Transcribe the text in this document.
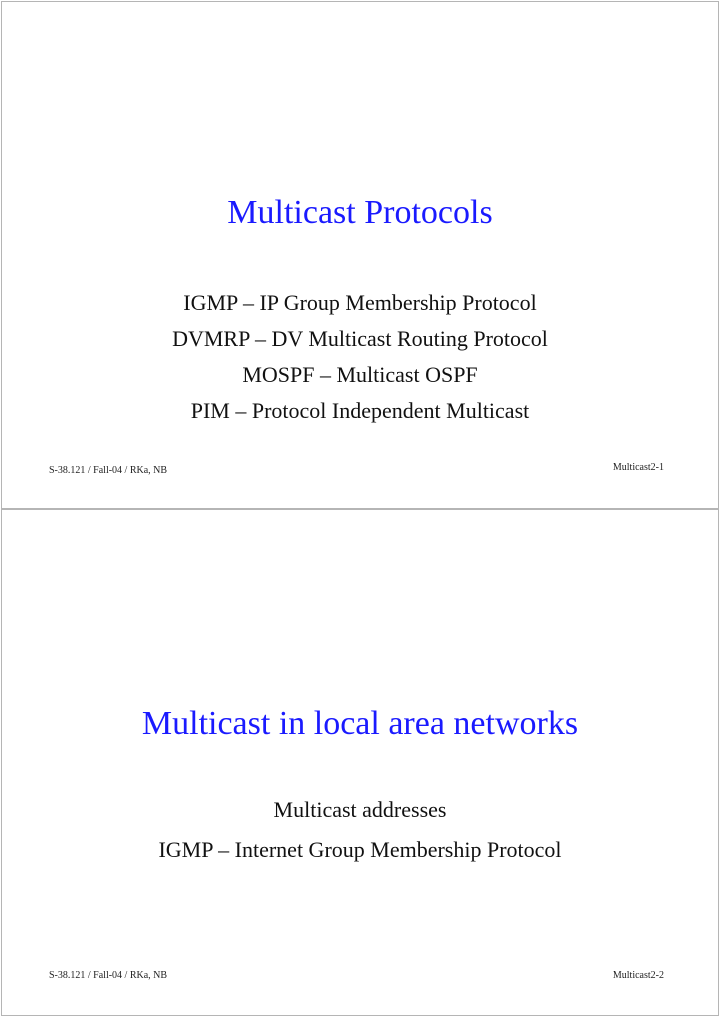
Multicast Protocols
IGMP – IP Group Membership Protocol
DVMRP – DV Multicast Routing Protocol
MOSPF – Multicast OSPF
PIM – Protocol Independent Multicast
S-38.121 / Fall-04 / RKa, NB	Multicast2-1
Multicast in local area networks
Multicast addresses
IGMP – Internet Group Membership Protocol
S-38.121 / Fall-04 / RKa, NB	Multicast2-2
